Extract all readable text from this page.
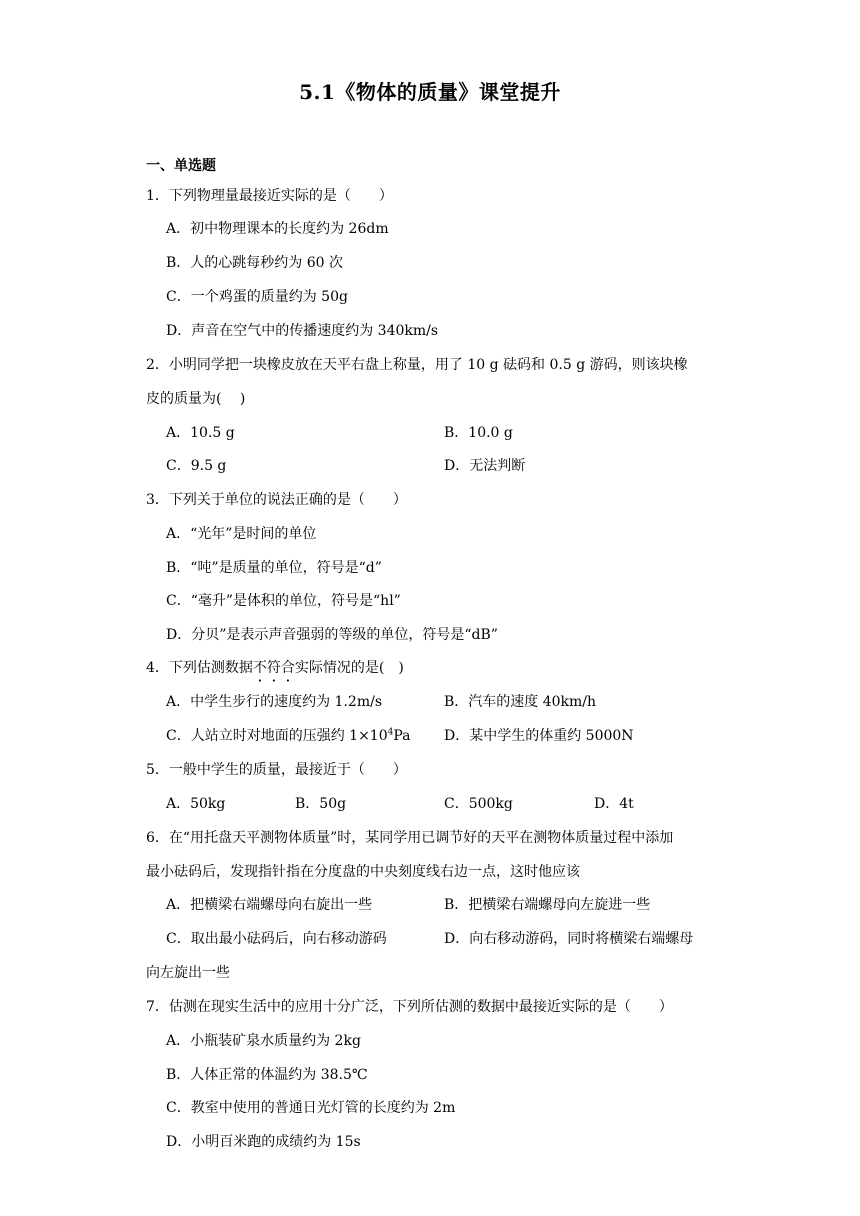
5.1《物体的质量》课堂提升
一、单选题
1．下列物理量最接近实际的是（　　）
A．初中物理课本的长度约为 26dm
B．人的心跳每秒约为 60 次
C．一个鸡蛋的质量约为 50g
D．声音在空气中的传播速度约为 340km/s
2．小明同学把一块橡皮放在天平右盘上称量，用了 10 g 砝码和 0.5 g 游码，则该块橡
皮的质量为(　 )
A．10.5 g	B．10.0 g
C．9.5 g	D．无法判断
3．下列关于单位的说法正确的是（　　）
A．“光年”是时间的单位
B．“吨”是质量的单位，符号是“d”
C．“毫升”是体积的单位，符号是“hl”
D．分贝”是表示声音强弱的等级的单位，符号是“dB”
4．下列估测数据不符合实际情况的是(　)
A．中学生步行的速度约为 1.2m/s	B．汽车的速度 40km/h
C．人站立时对地面的压强约 $1\times 10^4Pa$ D．某中学生的体重约 5000N
5．一般中学生的质量，最接近于（　　）
A．50kg	B．50g	C．500kg	D．4t
6．在“用托盘天平测物体质量”时，某同学用已调节好的天平在测物体质量过程中添加
最小砝码后，发现指针指在分度盘的中央刻度线右边一点，这时他应该
A．把横梁右端螺母向右旋出一些	B．把横梁右端螺母向左旋进一些
C．取出最小砝码后，向右移动游码	D．向右移动游码，同时将横梁右端螺母
向左旋出一些
7．估测在现实生活中的应用十分广泛，下列所估测的数据中最接近实际的是（　　）
A．小瓶装矿泉水质量约为 2kg
B．人体正常的体温约为 38.5℃
C．教室中使用的普通日光灯管的长度约为 2m
D．小明百米跑的成绩约为 15s
